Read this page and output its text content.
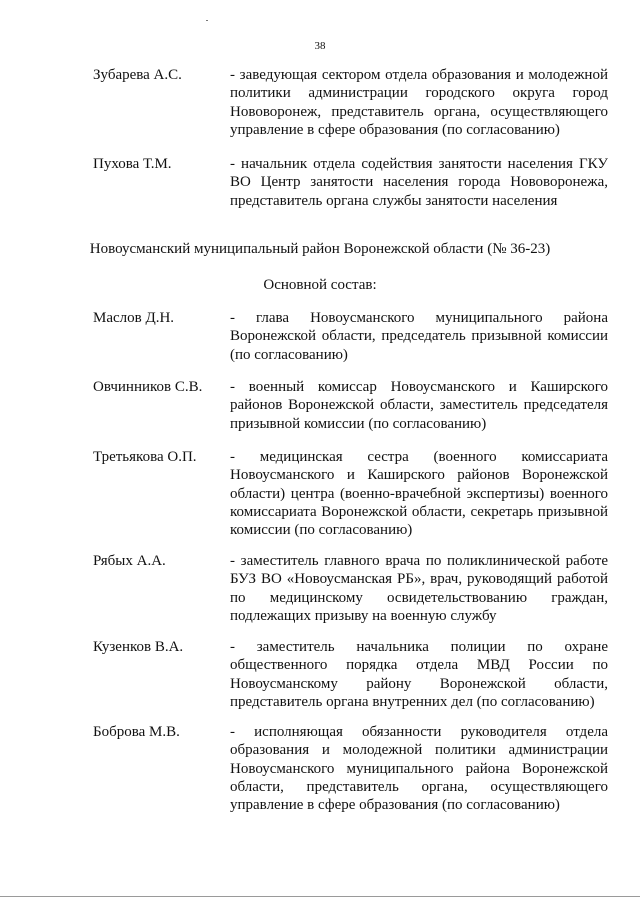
38
Зубарева А.С.	- заведующая сектором отдела образования и молодежной политики администрации городского округа город Нововоронеж, представитель органа, осуществляющего управление в сфере образования (по согласованию)
Пухова Т.М.	- начальник отдела содействия занятости населения ГКУ ВО Центр занятости населения города Нововоронежа, представитель органа службы занятости населения
Новоусманский муниципальный район Воронежской области (№ 36-23)
Основной состав:
Маслов Д.Н.	- глава Новоусманского муниципального района Воронежской области, председатель призывной комиссии (по согласованию)
Овчинников С.В. - военный комиссар Новоусманского и Каширского районов Воронежской области, заместитель председателя призывной комиссии (по согласованию)
Третьякова О.П. - медицинская сестра (военного комиссариата Новоусманского и Каширского районов Воронежской области) центра (военно-врачебной экспертизы) военного комиссариата Воронежской области, секретарь призывной комиссии (по согласованию)
Рябых А.А.	- заместитель главного врача по поликлинической работе БУЗ ВО «Новоусманская РБ», врач, руководящий работой по медицинскому освидетельствованию граждан, подлежащих призыву на военную службу
Кузенков В.А.	- заместитель начальника полиции по охране общественного порядка отдела МВД России по Новоусманскому району Воронежской области, представитель органа внутренних дел (по согласованию)
Боброва М.В.	- исполняющая обязанности руководителя отдела образования и молодежной политики администрации Новоусманского муниципального района Воронежской области, представитель органа, осуществляющего управление в сфере образования (по согласованию)
